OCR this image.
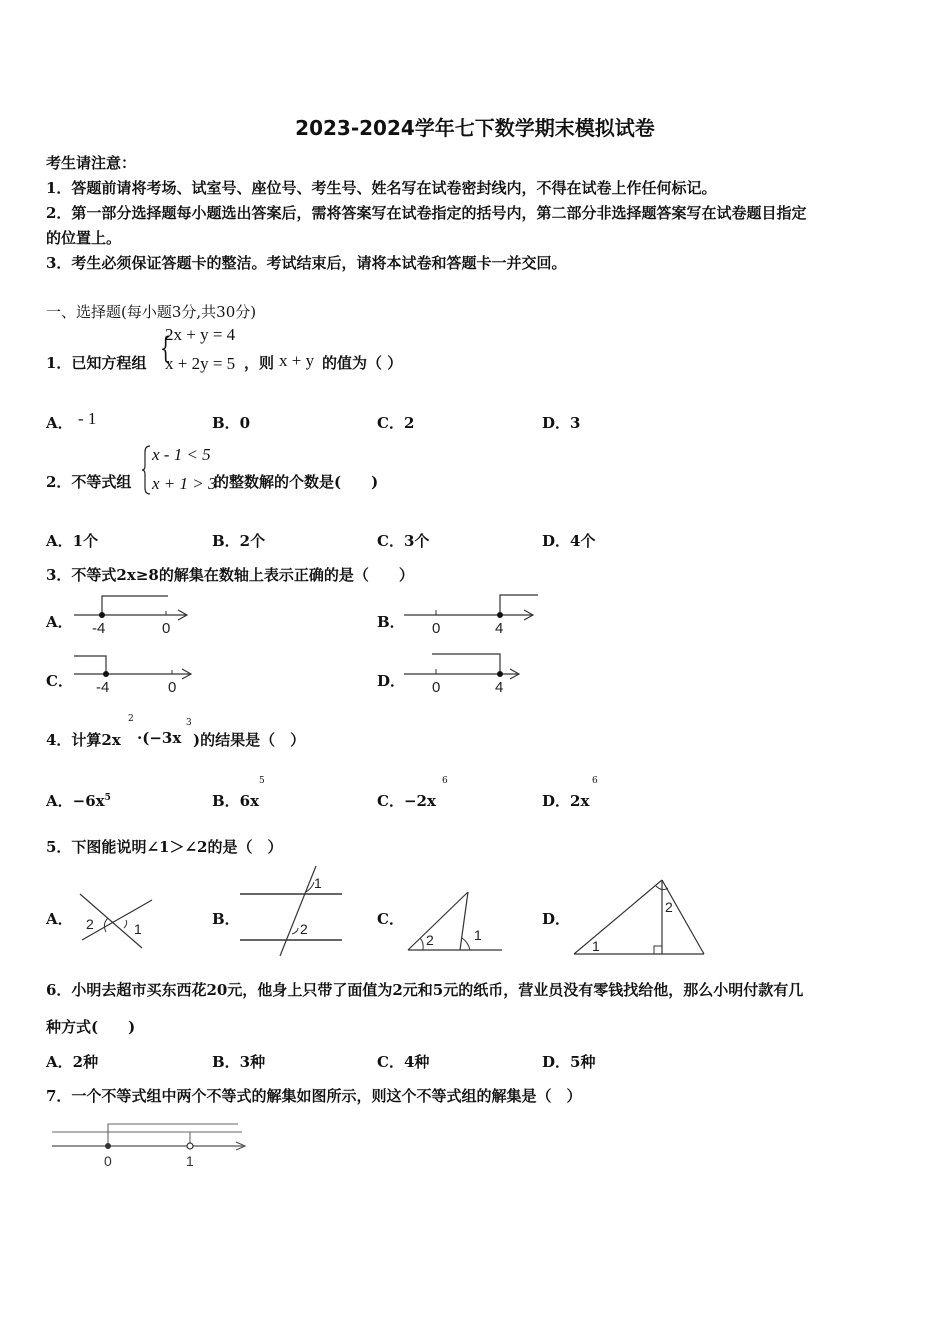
2023-2024学年七下数学期末模拟试卷
考生请注意：
1．答题前请将考场、试室号、座位号、考生号、姓名写在试卷密封线内，不得在试卷上作任何标记。
2．第一部分选择题每小题选出答案后，需将答案写在试卷指定的括号内，第二部分非选择题答案写在试卷题目指定
的位置上。
3．考生必须保证答题卡的整洁。考试结束后，请将本试卷和答题卡一并交回。
一、选择题(每小题3分,共30分)
1．已知方程组 {
2x + y = 4
x + 2y = 5 ，则 x + y 的值为（ ）
A． - 1	B．0	C．2	D．3
2．不等式组
x - 1 < 5
x + 1 > 3
的整数解的个数是(　　)
A．1个	B．2个	C．3个	D．4个
3．不等式2x≥8的解集在数轴上表示正确的是（　　）
A． -4	0	B． 0	4
C． -4	0	D． 0	4
4．计算2x
2
·(−3x
3
)的结果是（　）
A．$-6x^5$	B．6x
5
C．−2x
6
D．2x
6
5．下图能说明∠1＞∠2的是（　）
A． 2	1
B．
1
2
C．
2	1
D．
1
2
6．小明去超市买东西花20元，他身上只带了面值为2元和5元的纸币，营业员没有零钱找给他，那么小明付款有几
种方式(　　)
A．2种	B．3种	C．4种	D．5种
7．一个不等式组中两个不等式的解集如图所示，则这个不等式组的解集是（　）
0	1
